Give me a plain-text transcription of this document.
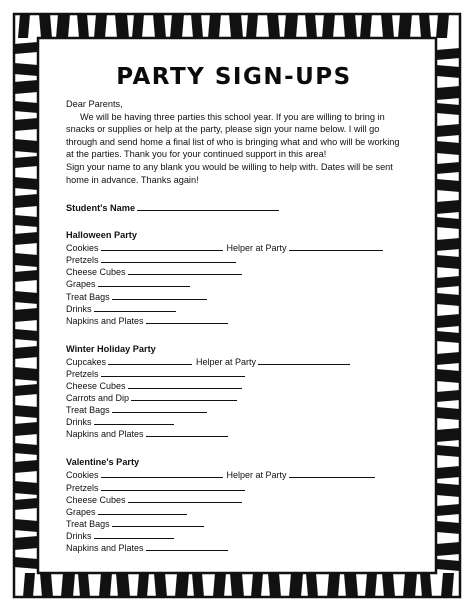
PARTY SIGN-UPS

Dear Parents,

We will be having three parties this school year. If you are willing to bring in snacks or supplies or help at the party, please sign your name below. I will go through and send home a final list of who is bringing what and who will be working at the parties. Thank you for your continued support in this area!

Sign your name to any blank you would be willing to help with. Dates will be sent home in advance. Thanks again!

Student's Name
Halloween Party
Cookies	Helper at Party
Pretzels
Cheese Cubes
Grapes
Treat Bags
Drinks
Napkins and Plates
Winter Holiday Party
Cupcakes	Helper at Party
Pretzels
Cheese Cubes
Carrots and Dip
Treat Bags
Drinks
Napkins and Plates
Valentine's Party
Cookies	Helper at Party
Pretzels
Cheese Cubes
Grapes
Treat Bags
Drinks
Napkins and Plates
